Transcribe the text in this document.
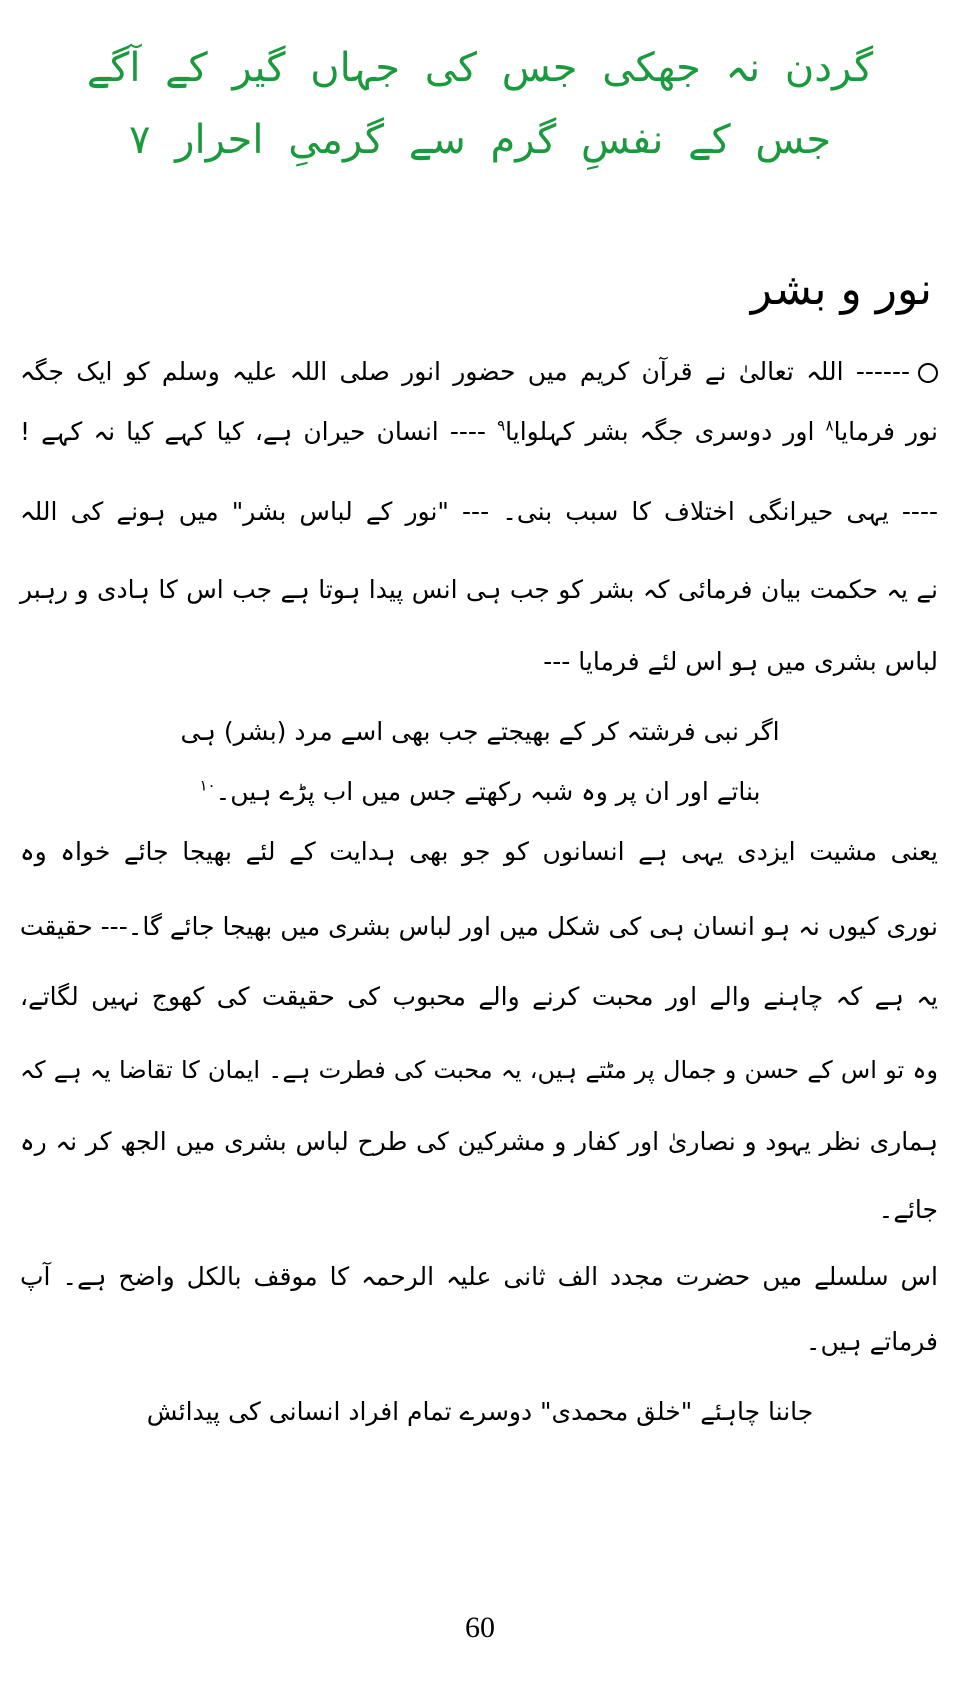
گردن نہ جھکی جس کی جہاں گیر کے آگے
جس کے نفسِ گرم سے گرمیِ احرار ۷
نور و بشر
------ اللہ تعالیٰ نے قرآن کریم میں حضور انور صلی اللہ علیہ وسلم کو ایک جگہ
نور فرمایا$^۸$ اور دوسری جگہ بشر کہلوایا$^۹$ ---- انسان حیران ہے، کیا کہے کیا نہ کہے !
---- یہی حیرانگی اختلاف کا سبب بنی۔ --- "نور کے لباس بشر" میں ہونے کی اللہ
نے یہ حکمت بیان فرمائی کہ بشر کو جب ہی انس پیدا ہوتا ہے جب اس کا ہادی و رہبر
لباس بشری میں ہو اس لئے فرمایا ---
اگر نبی فرشتہ کر کے بھیجتے جب بھی اسے مرد (بشر) ہی
بناتے اور ان پر وہ شبہ رکھتے جس میں اب پڑے ہیں۔$^{۱۰}$
یعنی مشیت ایزدی یہی ہے انسانوں کو جو بھی ہدایت کے لئے بھیجا جائے خواہ وہ
نوری کیوں نہ ہو انسان ہی کی شکل میں اور لباس بشری میں بھیجا جائے گا۔--- حقیقت
یہ ہے کہ چاہنے والے اور محبت کرنے والے محبوب کی حقیقت کی کھوج نہیں لگاتے،
وہ تو اس کے حسن و جمال پر مٹتے ہیں، یہ محبت کی فطرت ہے۔ ایمان کا تقاضا یہ ہے کہ
ہماری نظر یہود و نصاریٰ اور کفار و مشرکین کی طرح لباس بشری میں الجھ کر نہ رہ
جائے۔
اس سلسلے میں حضرت مجدد الف ثانی علیہ الرحمہ کا موقف بالکل واضح ہے۔ آپ
فرماتے ہیں۔
جاننا چاہئے "خلق محمدی" دوسرے تمام افراد انسانی کی پیدائش
60
